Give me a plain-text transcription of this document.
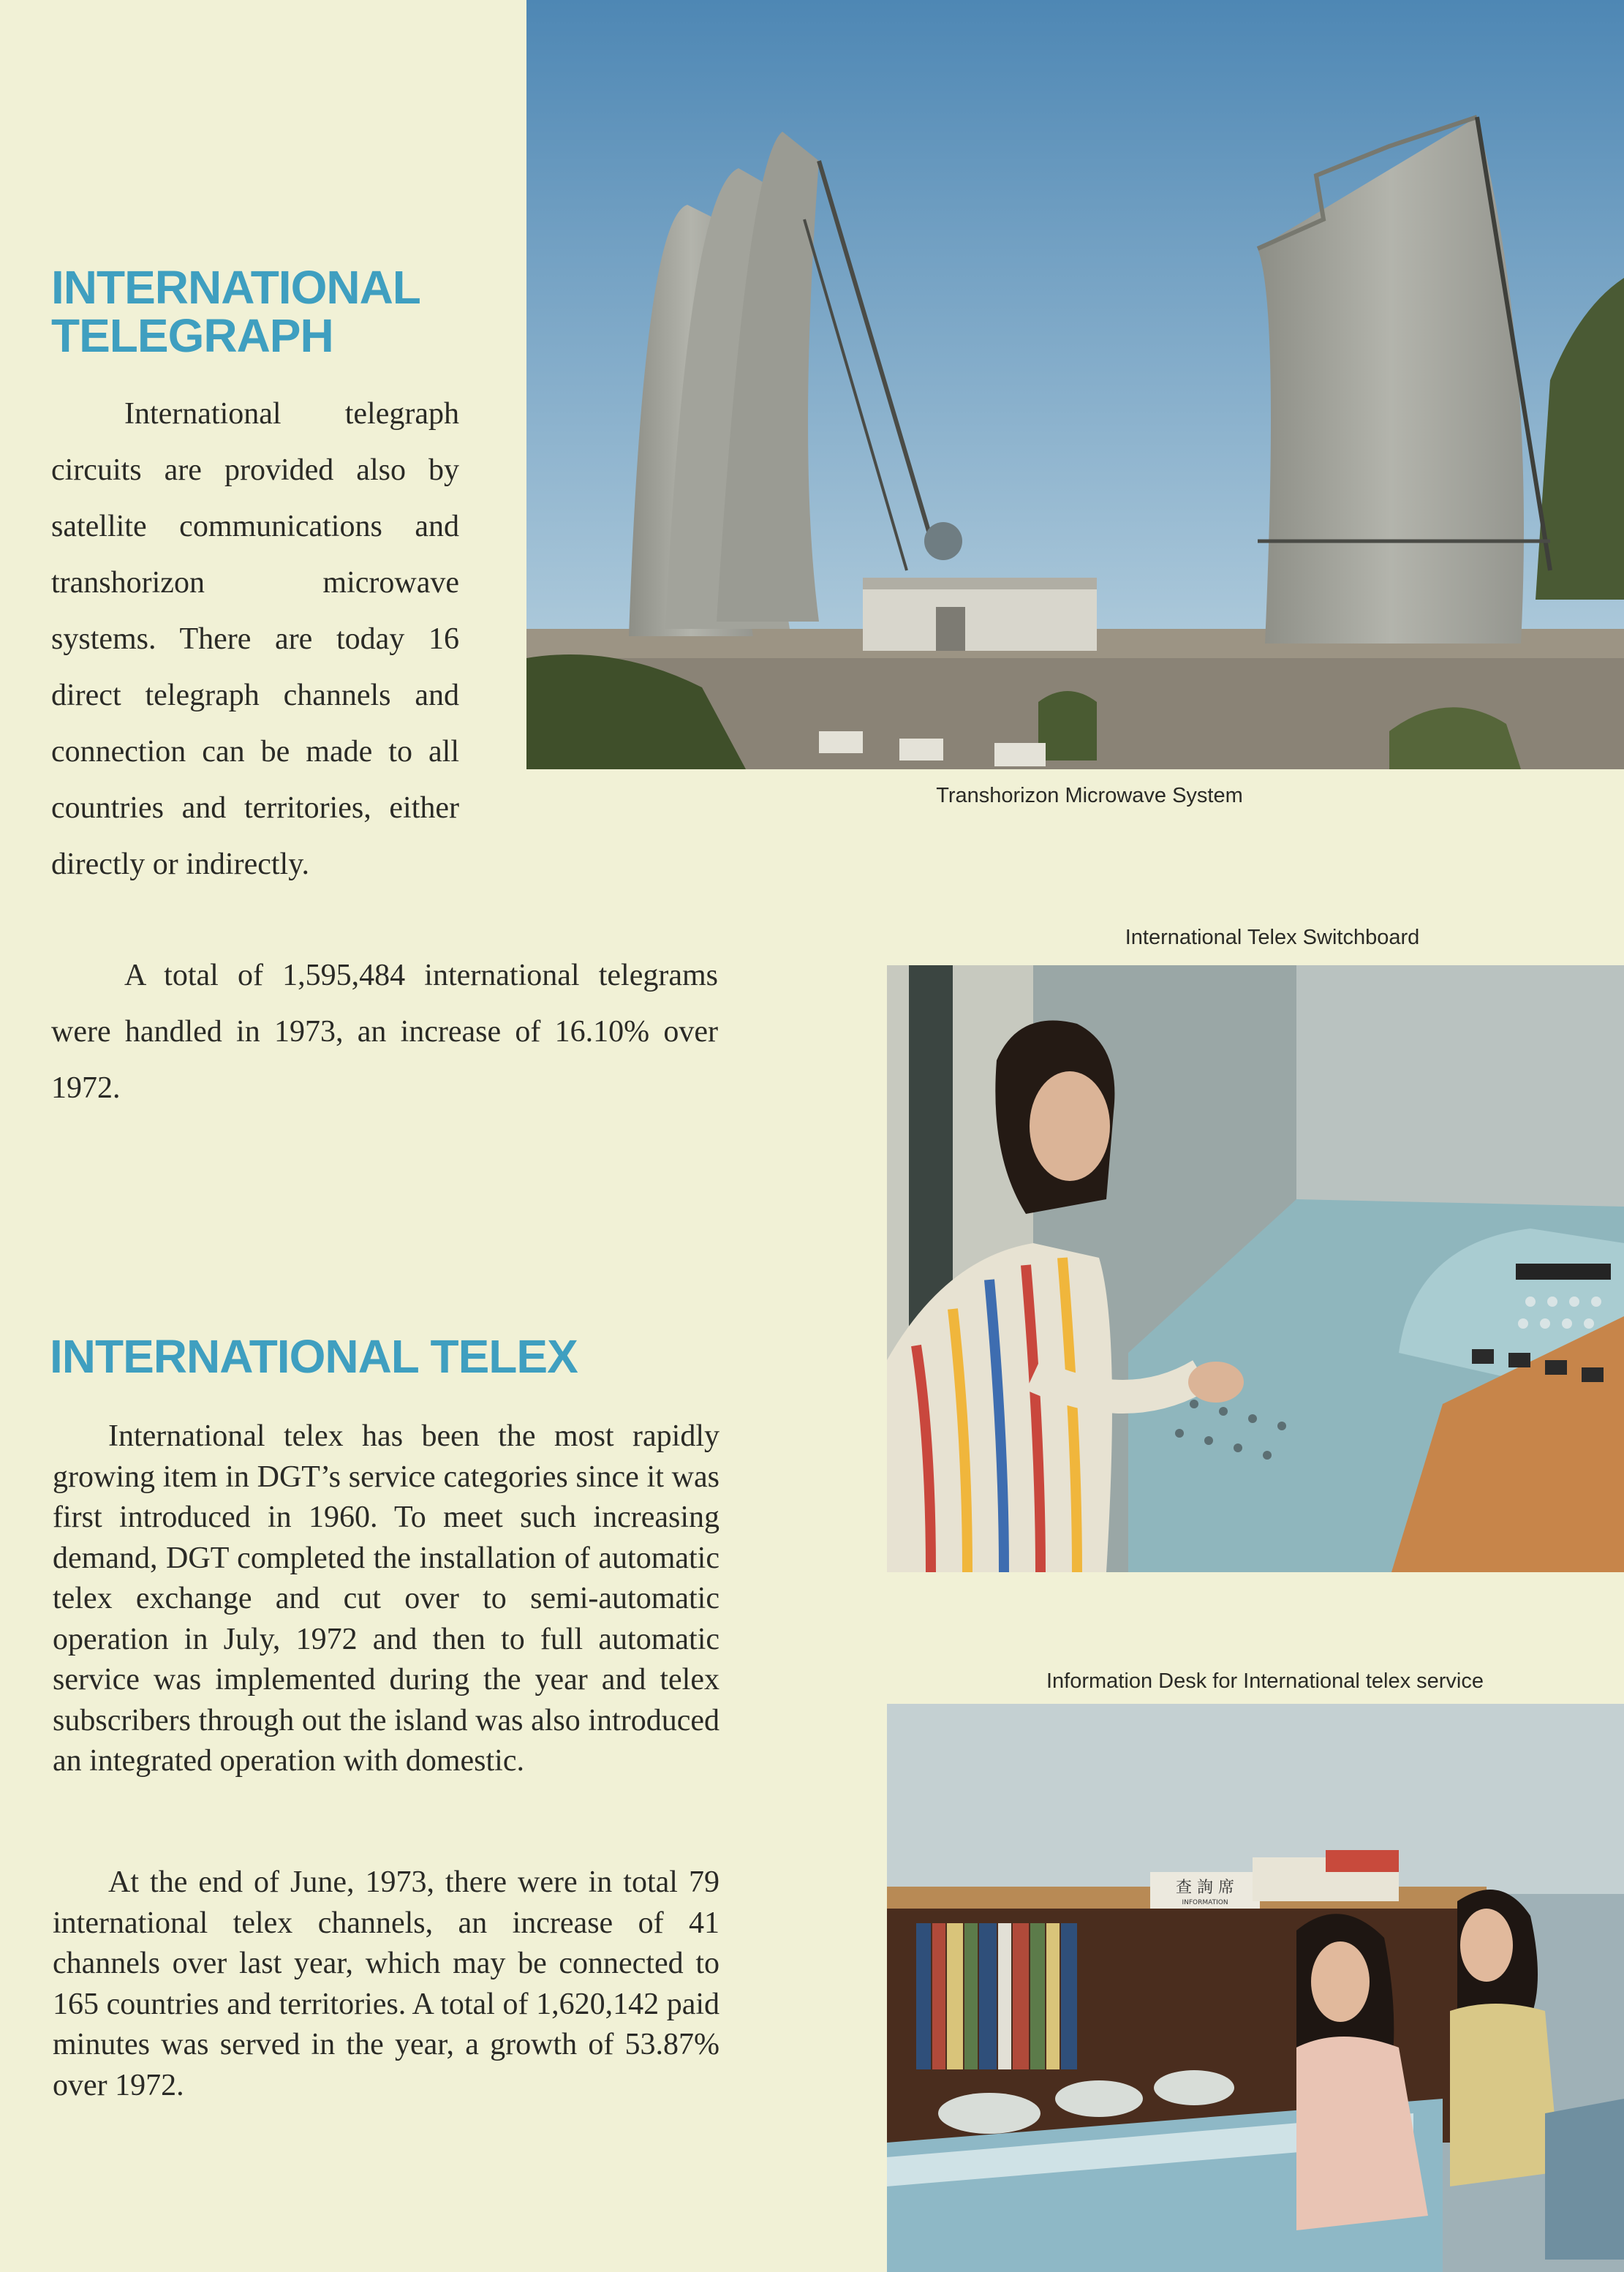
INTERNATIONAL
TELEGRAPH

International telegraph circuits are provided also by satellite communications and transhorizon microwave systems. There are today 16 direct telegraph channels and connection can be made to all countries and territories, either directly or indirectly.

A total of 1,595,484 international telegrams were handled in 1973, an increase of 16.10% over 1972.

INTERNATIONAL TELEX

International telex has been the most rapidly growing item in DGT’s service categories since it was first introduced in 1960. To meet such increasing demand, DGT completed the installation of automatic telex exchange and cut over to semi-automatic operation in July, 1972 and then to full automatic service was implemented during the year and telex subscribers through out the island was also introduced an integrated operation with domestic.

At the end of June, 1973, there were in total 79 international telex channels, an increase of 41 channels over last year, which may be connected to 165 countries and territories. A total of 1,620,142 paid minutes was served in the year, a growth of 53.87% over 1972.

Transhorizon Microwave System
International Telex Switchboard
Information Desk for International telex service
查 詢 席
INFORMATION
